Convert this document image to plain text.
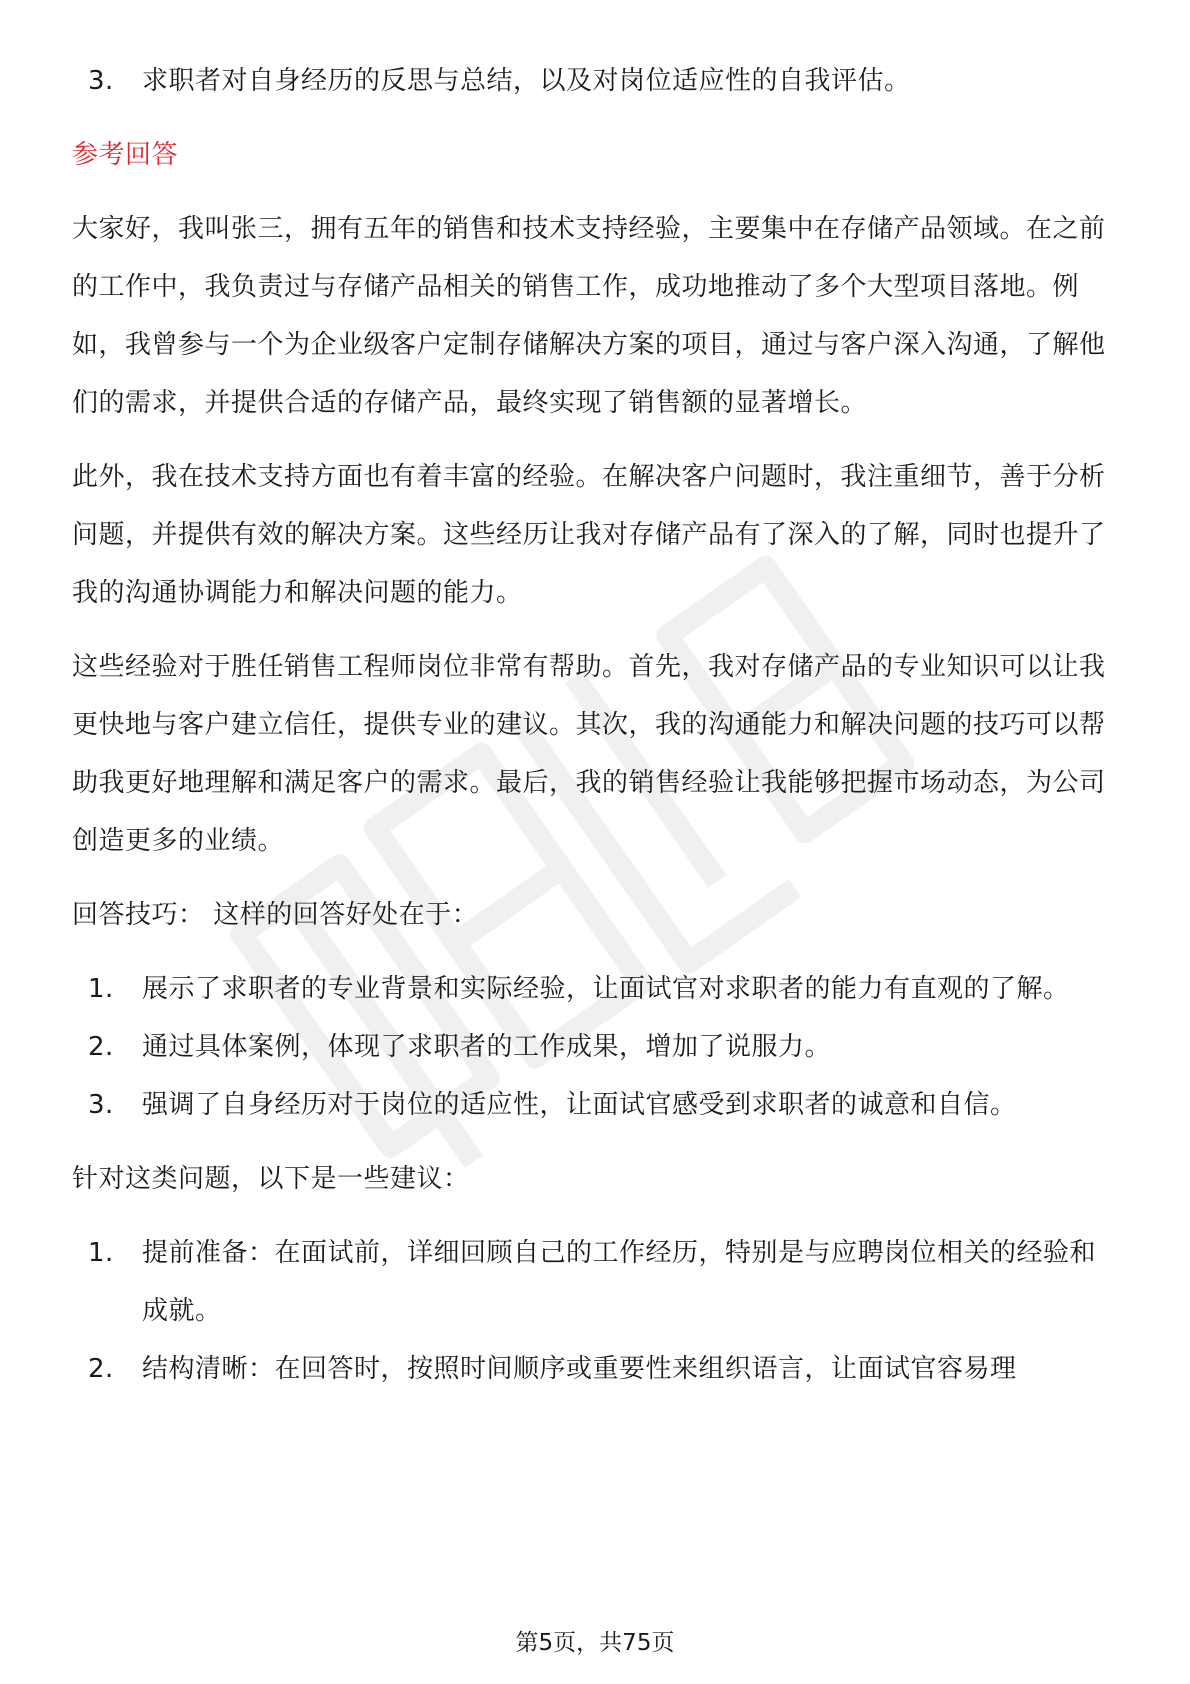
3. 求职者对自身经历的反思与总结，以及对岗位适应性的自我评估。
参考回答
大家好，我叫张三，拥有五年的销售和技术支持经验，主要集中在存储产品领域。在之前的工作中，我负责过与存储产品相关的销售工作，成功地推动了多个大型项目落地。例如，我曾参与一个为企业级客户定制存储解决方案的项目，通过与客户深入沟通，了解他们的需求，并提供合适的存储产品，最终实现了销售额的显著增长。
此外，我在技术支持方面也有着丰富的经验。在解决客户问题时，我注重细节，善于分析问题，并提供有效的解决方案。这些经历让我对存储产品有了深入的了解，同时也提升了我的沟通协调能力和解决问题的能力。
这些经验对于胜任销售工程师岗位非常有帮助。首先，我对存储产品的专业知识可以让我更快地与客户建立信任，提供专业的建议。其次，我的沟通能力和解决问题的技巧可以帮助我更好地理解和满足客户的需求。最后，我的销售经验让我能够把握市场动态，为公司创造更多的业绩。
回答技巧： 这样的回答好处在于：
1. 展示了求职者的专业背景和实际经验，让面试官对求职者的能力有直观的了解。
2. 通过具体案例，体现了求职者的工作成果，增加了说服力。
3. 强调了自身经历对于岗位的适应性，让面试官感受到求职者的诚意和自信。
针对这类问题，以下是一些建议：
1. 提前准备：在面试前，详细回顾自己的工作经历，特别是与应聘岗位相关的经验和成就。
2. 结构清晰：在回答时，按照时间顺序或重要性来组织语言，让面试官容易理
第5页，共75页
